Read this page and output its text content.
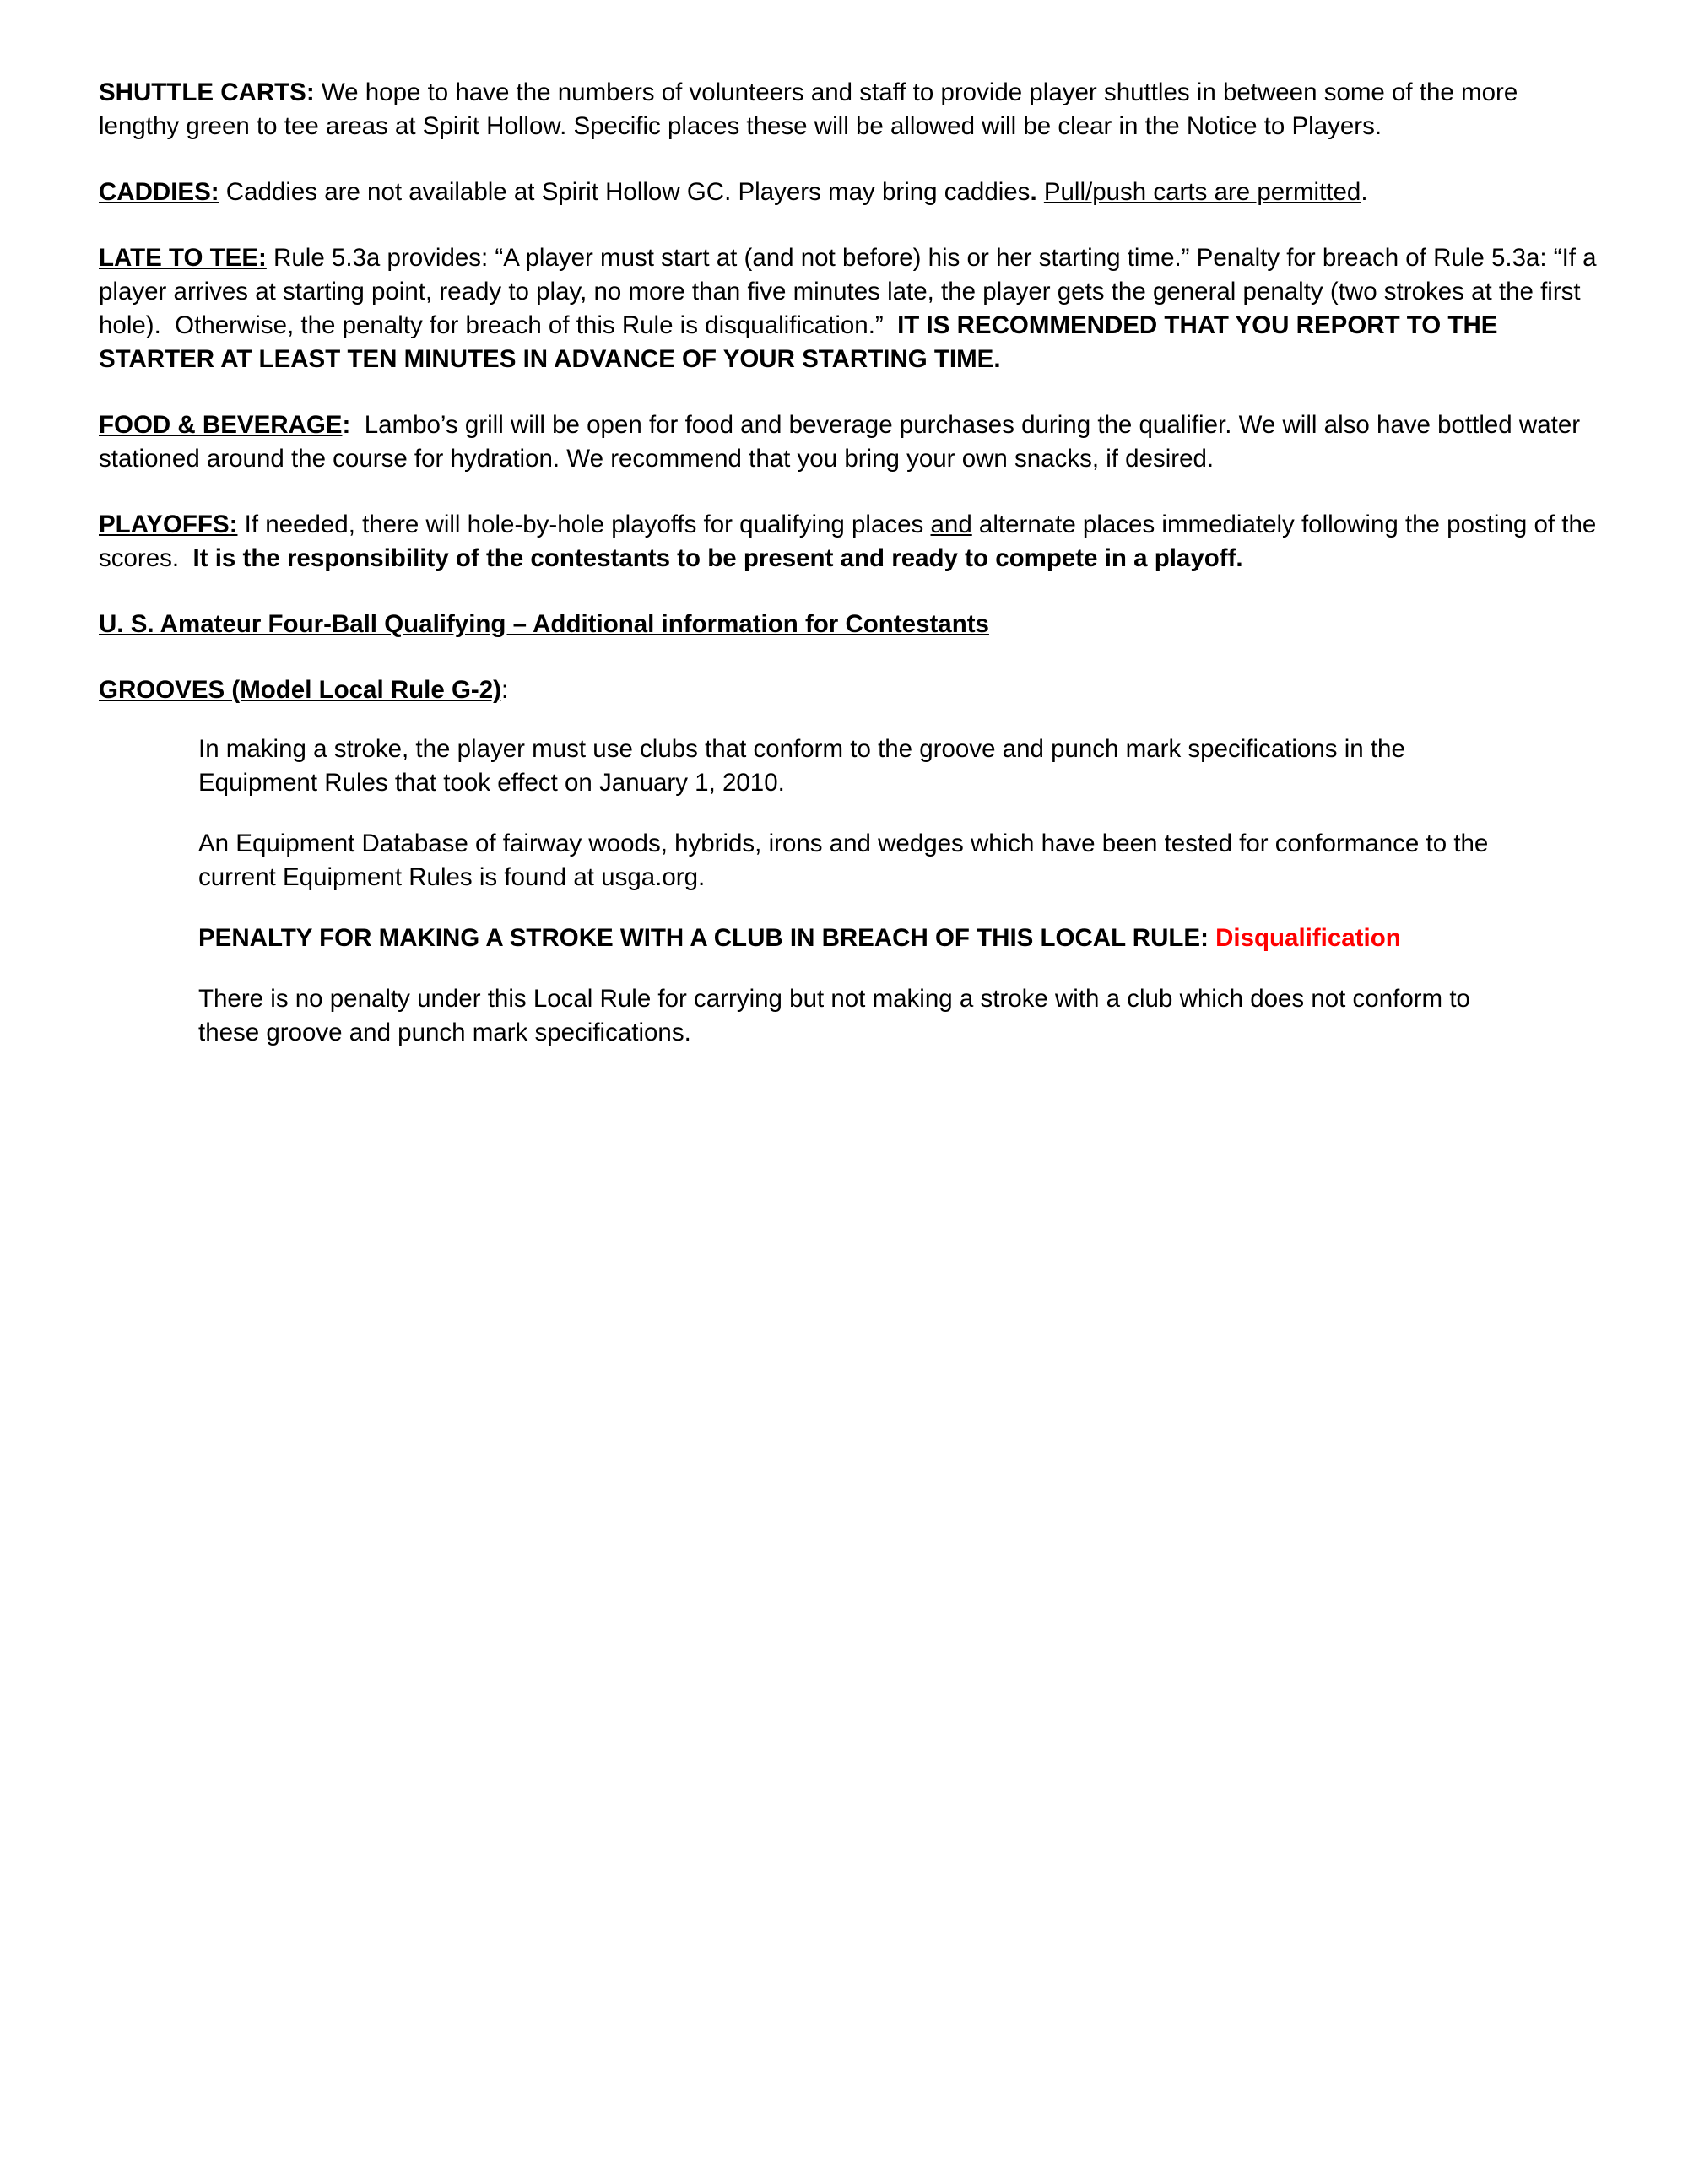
SHUTTLE CARTS: We hope to have the numbers of volunteers and staff to provide player shuttles in between some of the more lengthy green to tee areas at Spirit Hollow. Specific places these will be allowed will be clear in the Notice to Players.

CADDIES: Caddies are not available at Spirit Hollow GC. Players may bring caddies. Pull/push carts are permitted.

LATE TO TEE: Rule 5.3a provides: “A player must start at (and not before) his or her starting time.” Penalty for breach of Rule 5.3a: “If a player arrives at starting point, ready to play, no more than five minutes late, the player gets the general penalty (two strokes at the first hole).  Otherwise, the penalty for breach of this Rule is disqualification.”  IT IS RECOMMENDED THAT YOU REPORT TO THE STARTER AT LEAST TEN MINUTES IN ADVANCE OF YOUR STARTING TIME.

FOOD & BEVERAGE:  Lambo’s grill will be open for food and beverage purchases during the qualifier. We will also have bottled water stationed around the course for hydration. We recommend that you bring your own snacks, if desired.

PLAYOFFS: If needed, there will hole-by-hole playoffs for qualifying places and alternate places immediately following the posting of the scores.  It is the responsibility of the contestants to be present and ready to compete in a playoff.

U. S. Amateur Four-Ball Qualifying – Additional information for Contestants

GROOVES (Model Local Rule G-2):

In making a stroke, the player must use clubs that conform to the groove and punch mark specifications in the Equipment Rules that took effect on January 1, 2010.

An Equipment Database of fairway woods, hybrids, irons and wedges which have been tested for conformance to the current Equipment Rules is found at usga.org.

PENALTY FOR MAKING A STROKE WITH A CLUB IN BREACH OF THIS LOCAL RULE: Disqualification

There is no penalty under this Local Rule for carrying but not making a stroke with a club which does not conform to these groove and punch mark specifications.
